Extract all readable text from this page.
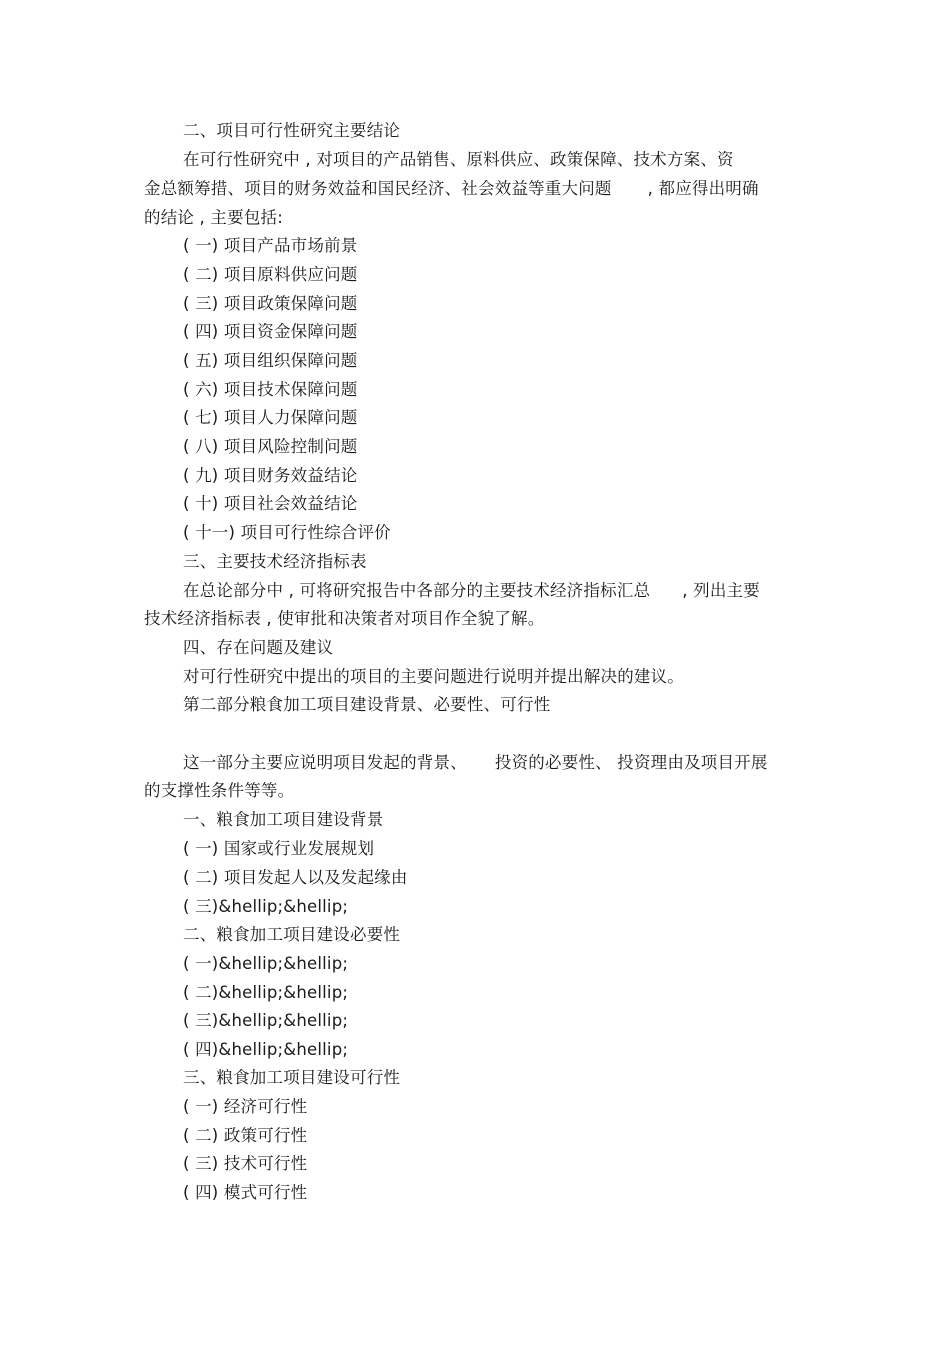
二、项目可行性研究主要结论
在可行性研究中 , 对项目的产品销售、原料供应、政策保障、技术方案、资
金总额筹措、项目的财务效益和国民经济、社会效益等重大问题 , 都应得出明确
的结论 , 主要包括:
( 一) 项目产品市场前景
( 二) 项目原料供应问题
( 三) 项目政策保障问题
( 四) 项目资金保障问题
( 五) 项目组织保障问题
( 六) 项目技术保障问题
( 七) 项目人力保障问题
( 八) 项目风险控制问题
( 九) 项目财务效益结论
( 十) 项目社会效益结论
( 十一) 项目可行性综合评价
三、主要技术经济指标表
在总论部分中 , 可将研究报告中各部分的主要技术经济指标汇总 , 列出主要
技术经济指标表 , 使审批和决策者对项目作全貌了解。
四、存在问题及建议
对可行性研究中提出的项目的主要问题进行说明并提出解决的建议。
第二部分粮食加工项目建设背景、必要性、可行性
这一部分主要应说明项目发起的背景、 投资的必要性、 投资理由及项目开展
的支撑性条件等等。
一、粮食加工项目建设背景
( 一) 国家或行业发展规划
( 二) 项目发起人以及发起缘由
( 三)&hellip;&hellip;
二、粮食加工项目建设必要性
( 一)&hellip;&hellip;
( 二)&hellip;&hellip;
( 三)&hellip;&hellip;
( 四)&hellip;&hellip;
三、粮食加工项目建设可行性
( 一) 经济可行性
( 二) 政策可行性
( 三) 技术可行性
( 四) 模式可行性
